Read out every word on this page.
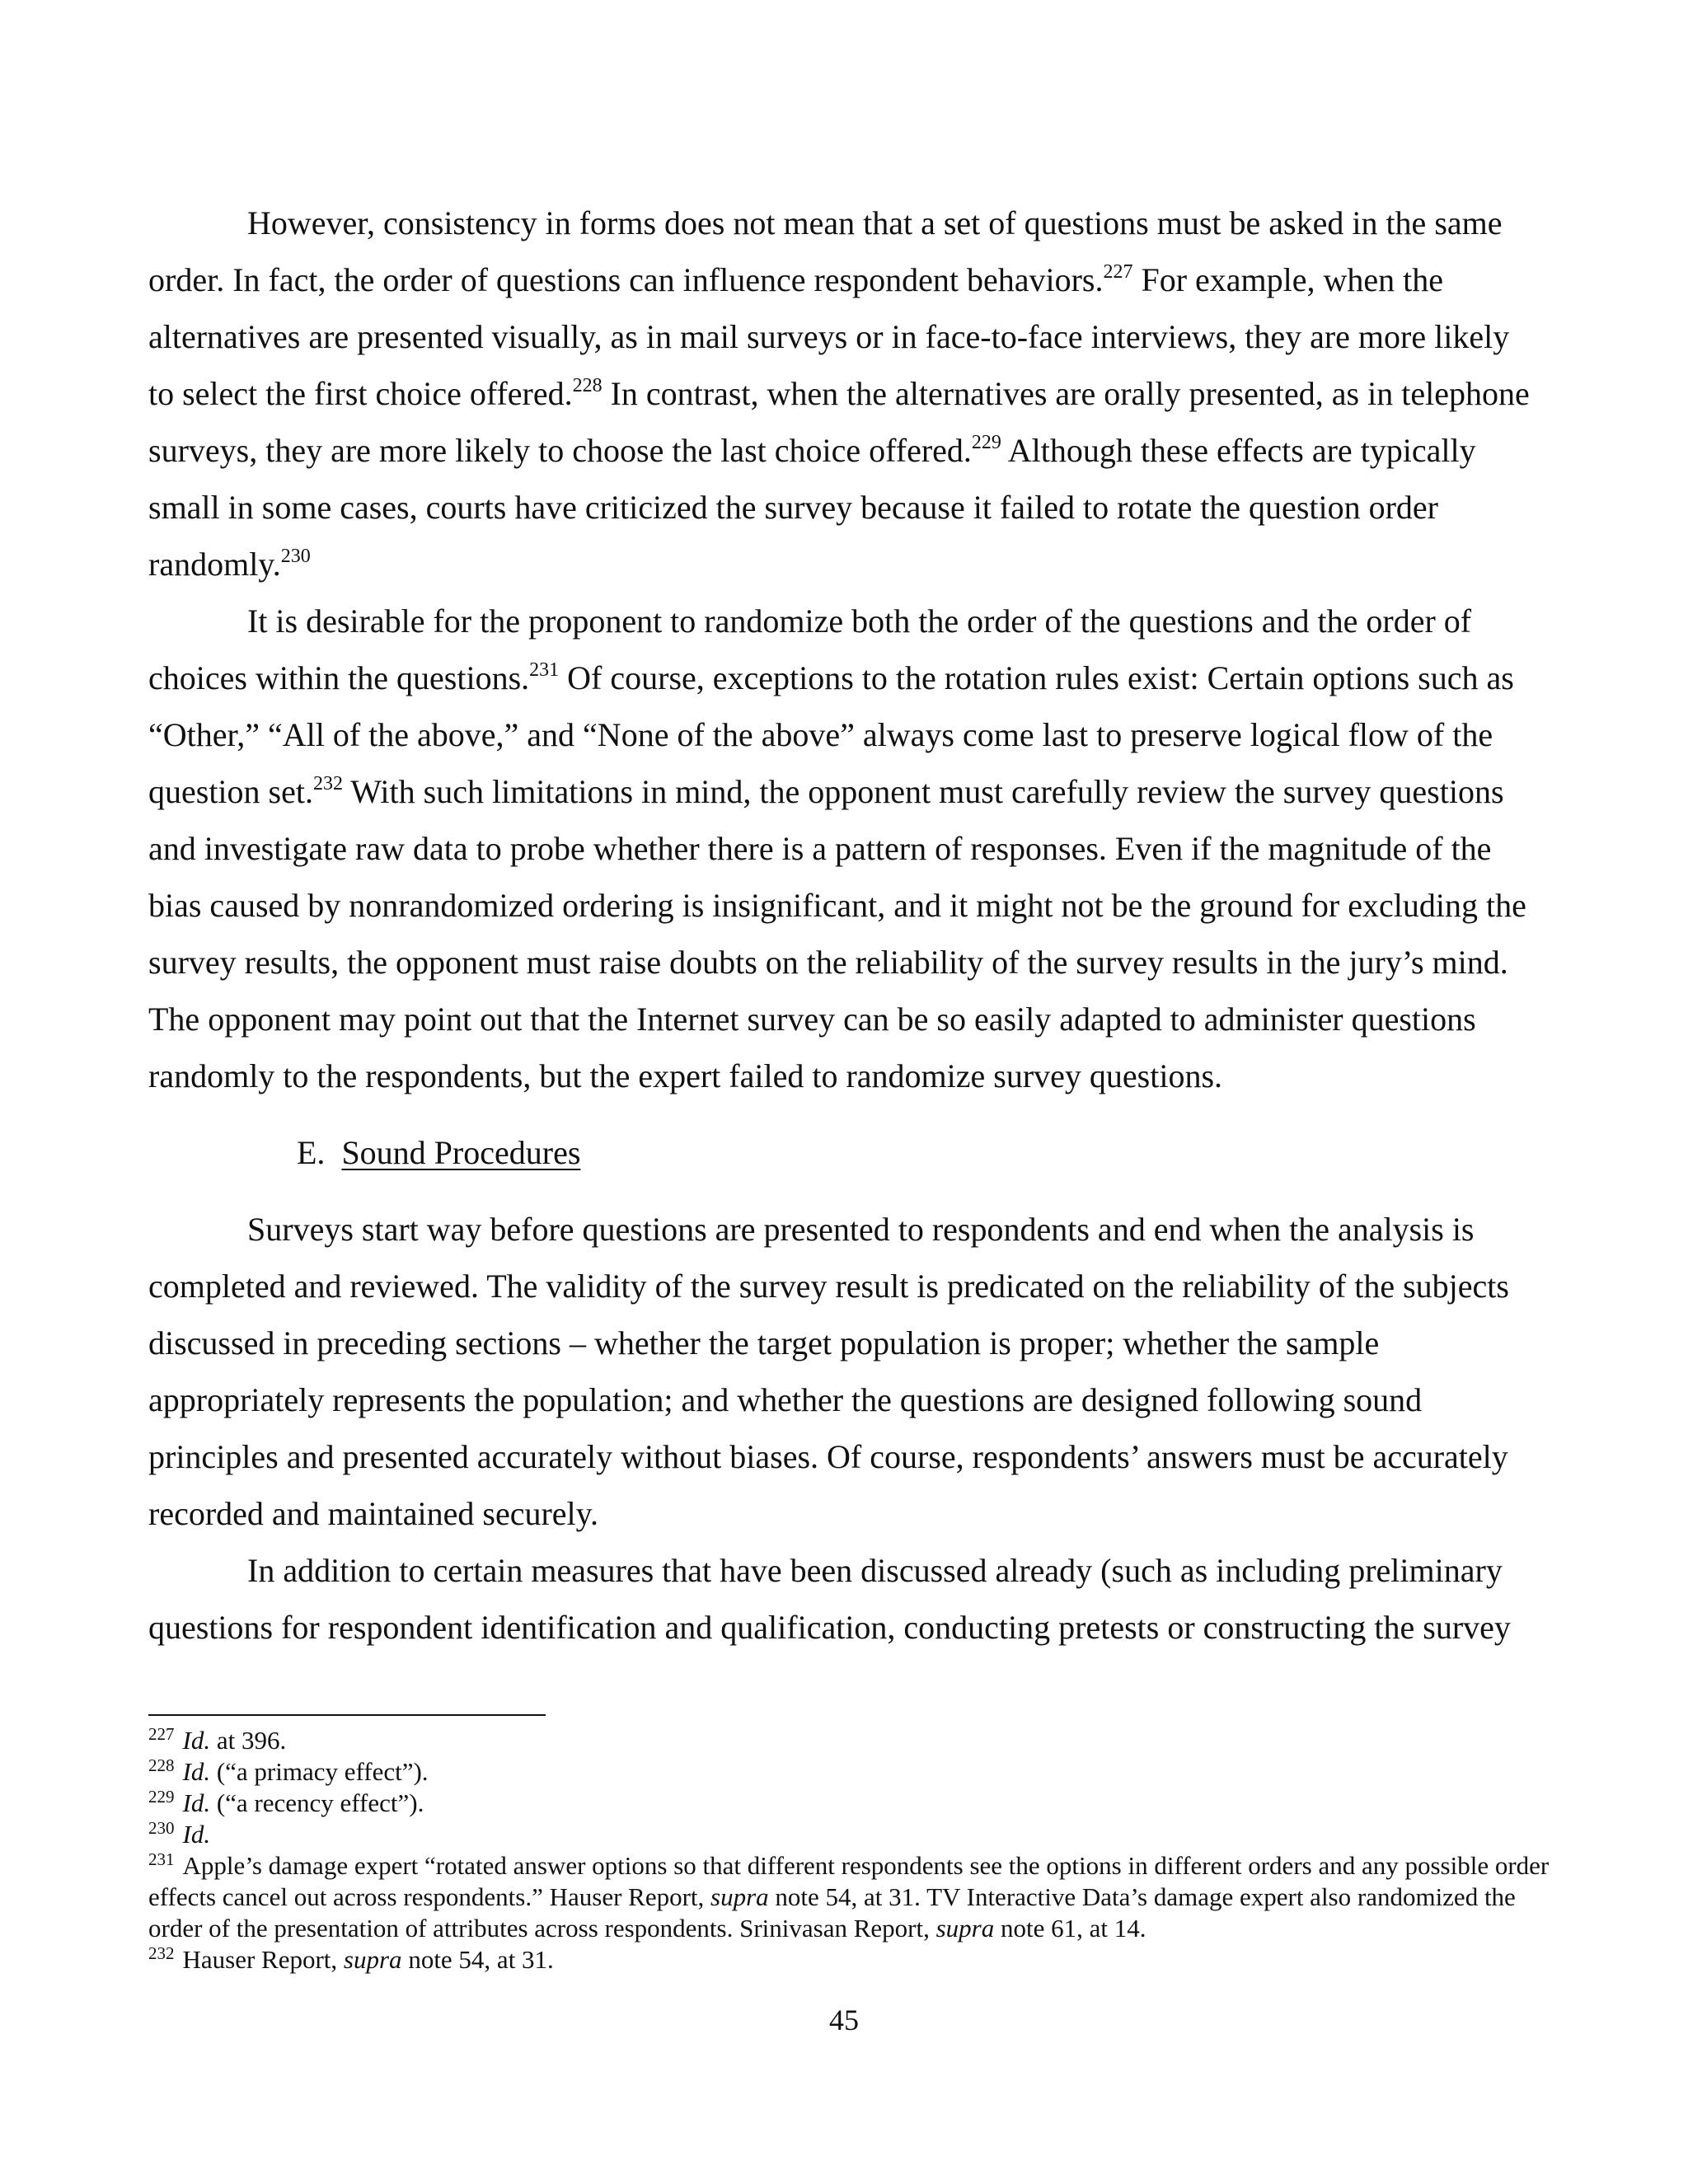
However, consistency in forms does not mean that a set of questions must be asked in the same order. In fact, the order of questions can influence respondent behaviors.$^{227}$ For example, when the alternatives are presented visually, as in mail surveys or in face-to-face interviews, they are more likely to select the first choice offered.$^{228}$ In contrast, when the alternatives are orally presented, as in telephone surveys, they are more likely to choose the last choice offered.$^{229}$ Although these effects are typically small in some cases, courts have criticized the survey because it failed to rotate the question order randomly.$^{230}$

It is desirable for the proponent to randomize both the order of the questions and the order of choices within the questions.$^{231}$ Of course, exceptions to the rotation rules exist: Certain options such as “Other,” “All of the above,” and “None of the above” always come last to preserve logical flow of the question set.$^{232}$ With such limitations in mind, the opponent must carefully review the survey questions and investigate raw data to probe whether there is a pattern of responses. Even if the magnitude of the bias caused by nonrandomized ordering is insignificant, and it might not be the ground for excluding the survey results, the opponent must raise doubts on the reliability of the survey results in the jury’s mind. The opponent may point out that the Internet survey can be so easily adapted to administer questions randomly to the respondents, but the expert failed to randomize survey questions.

E. Sound Procedures

Surveys start way before questions are presented to respondents and end when the analysis is completed and reviewed. The validity of the survey result is predicated on the reliability of the subjects discussed in preceding sections – whether the target population is proper; whether the sample appropriately represents the population; and whether the questions are designed following sound principles and presented accurately without biases. Of course, respondents’ answers must be accurately recorded and maintained securely.

In addition to certain measures that have been discussed already (such as including preliminary questions for respondent identification and qualification, conducting pretests or constructing the survey

$^{227}$ Id. at 396.
$^{228}$ Id. (“a primacy effect”).
$^{229}$ Id. (“a recency effect”).
$^{230}$ Id.
$^{231}$ Apple’s damage expert “rotated answer options so that different respondents see the options in different orders and any possible order effects cancel out across respondents.” Hauser Report, supra note 54, at 31. TV Interactive Data’s damage expert also randomized the order of the presentation of attributes across respondents. Srinivasan Report, supra note 61, at 14.
$^{232}$ Hauser Report, supra note 54, at 31.
45
